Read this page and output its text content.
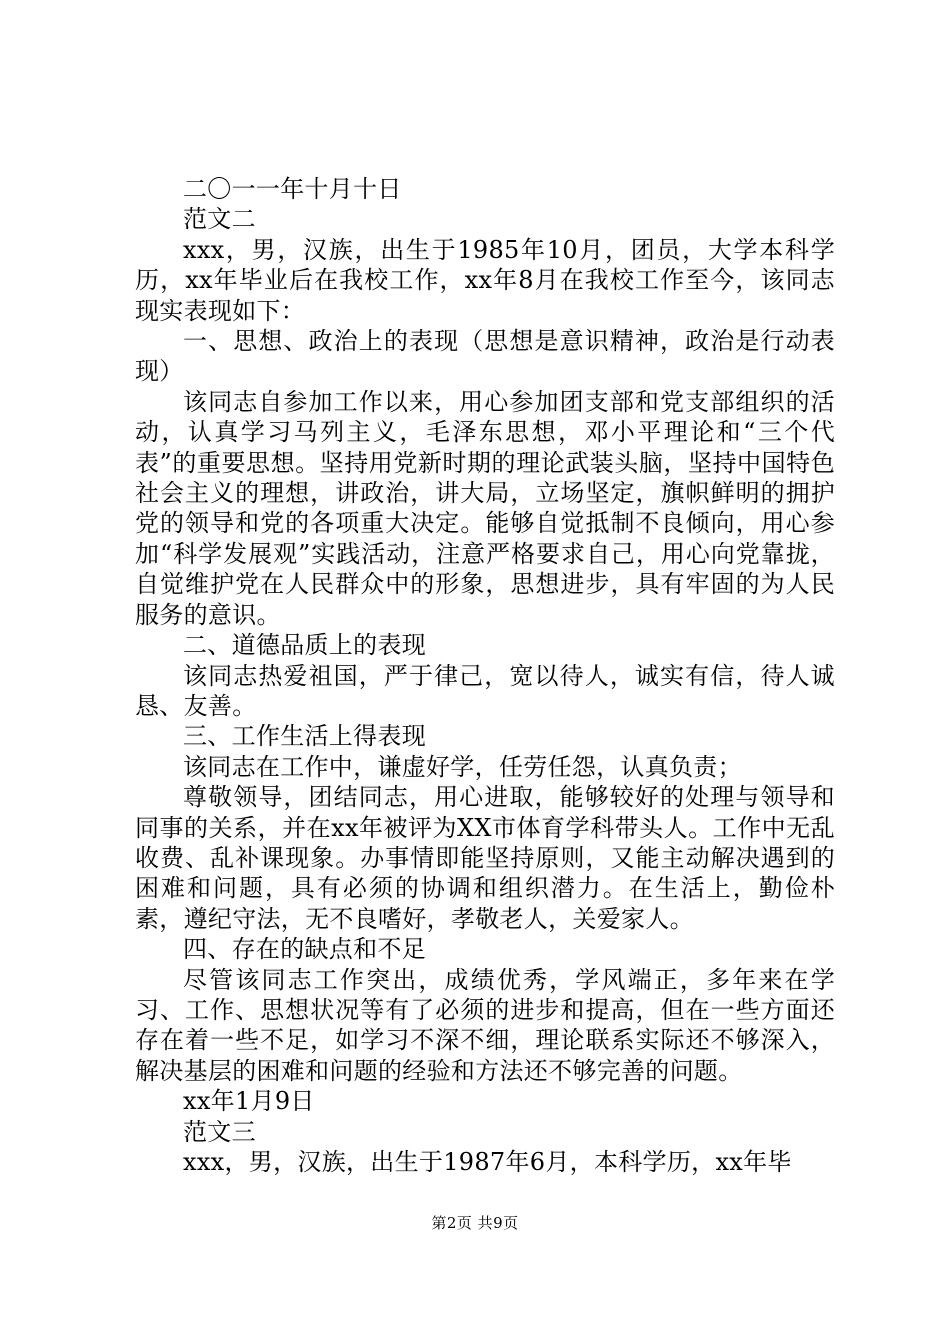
二〇一一年十月十日

范文二

xxx，男，汉族，出生于1985年10月，团员，大学本科学历，xx年毕业后在我校工作，xx年8月在我校工作至今，该同志现实表现如下：

一、思想、政治上的表现（思想是意识精神，政治是行动表现）

该同志自参加工作以来，用心参加团支部和党支部组织的活动，认真学习马列主义，毛泽东思想，邓小平理论和“三个代表”的重要思想。坚持用党新时期的理论武装头脑，坚持中国特色社会主义的理想，讲政治，讲大局，立场坚定，旗帜鲜明的拥护党的领导和党的各项重大决定。能够自觉抵制不良倾向，用心参加“科学发展观”实践活动，注意严格要求自己，用心向党靠拢，自觉维护党在人民群众中的形象，思想进步，具有牢固的为人民服务的意识。

二、道德品质上的表现

该同志热爱祖国，严于律己，宽以待人，诚实有信，待人诚恳、友善。

三、工作生活上得表现

该同志在工作中，谦虚好学，任劳任怨，认真负责；

尊敬领导，团结同志，用心进取，能够较好的处理与领导和同事的关系，并在xx年被评为XX市体育学科带头人。工作中无乱收费、乱补课现象。办事情即能坚持原则，又能主动解决遇到的困难和问题，具有必须的协调和组织潜力。在生活上，勤俭朴素，遵纪守法，无不良嗜好，孝敬老人，关爱家人。

四、存在的缺点和不足

尽管该同志工作突出，成绩优秀，学风端正，多年来在学习、工作、思想状况等有了必须的进步和提高，但在一些方面还存在着一些不足，如学习不深不细，理论联系实际还不够深入，解决基层的困难和问题的经验和方法还不够完善的问题。

xx年1月9日

范文三

xxx，男，汉族，出生于1987年6月，本科学历，xx年毕

第2页 共9页
